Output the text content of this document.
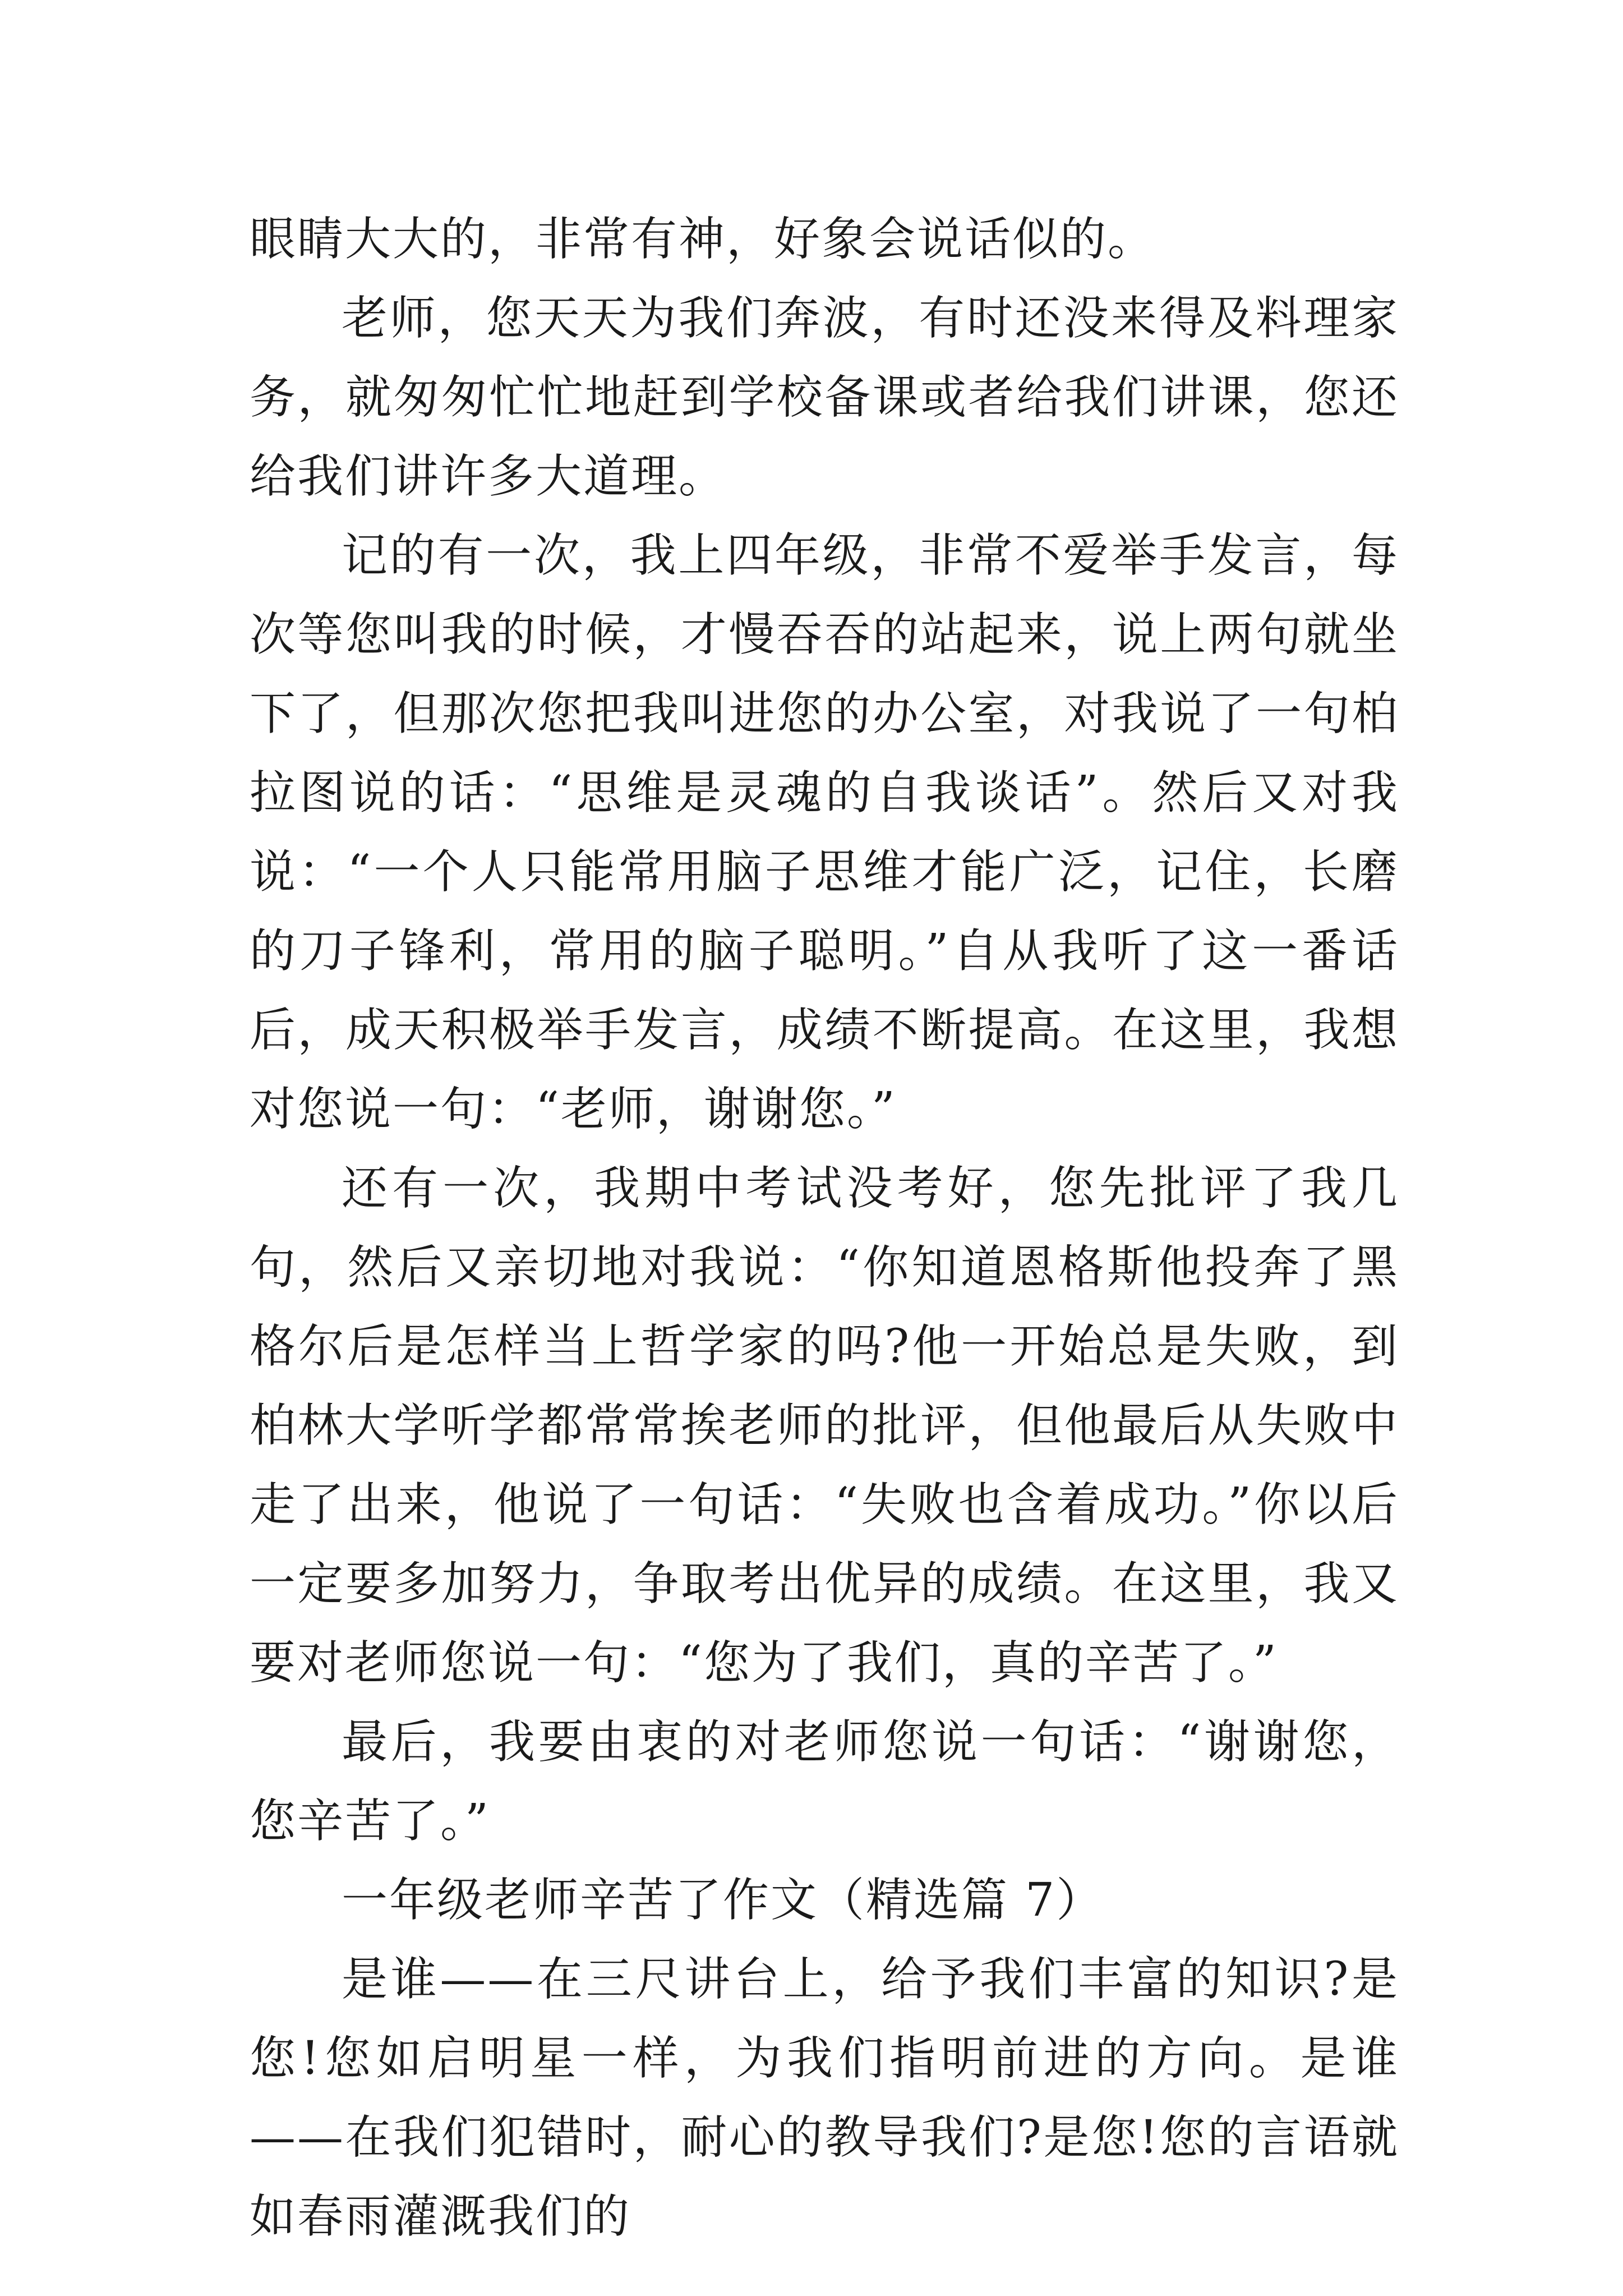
眼睛大大的，非常有神，好象会说话似的。

老师，您天天为我们奔波，有时还没来得及料理家务，就匆匆忙忙地赶到学校备课或者给我们讲课，您还给我们讲许多大道理。

记的有一次，我上四年级，非常不爱举手发言，每次等您叫我的时候，才慢吞吞的站起来，说上两句就坐下了，但那次您把我叫进您的办公室，对我说了一句柏拉图说的话：“思维是灵魂的自我谈话”。然后又对我说：“一个人只能常用脑子思维才能广泛，记住，长磨的刀子锋利，常用的脑子聪明。”自从我听了这一番话后，成天积极举手发言，成绩不断提高。在这里，我想对您说一句：“老师，谢谢您。”

还有一次，我期中考试没考好，您先批评了我几句，然后又亲切地对我说：“你知道恩格斯他投奔了黑格尔后是怎样当上哲学家的吗?他一开始总是失败，到柏林大学听学都常常挨老师的批评，但他最后从失败中走了出来，他说了一句话：“失败也含着成功。”你以后一定要多加努力，争取考出优异的成绩。在这里，我又要对老师您说一句：“您为了我们，真的辛苦了。”

最后，我要由衷的对老师您说一句话：“谢谢您，您辛苦了。”

一年级老师辛苦了作文（精选篇 7）

是谁——在三尺讲台上，给予我们丰富的知识?是您!您如启明星一样，为我们指明前进的方向。是谁——在我们犯错时，耐心的教导我们?是您!您的言语就如春雨灌溉我们的
